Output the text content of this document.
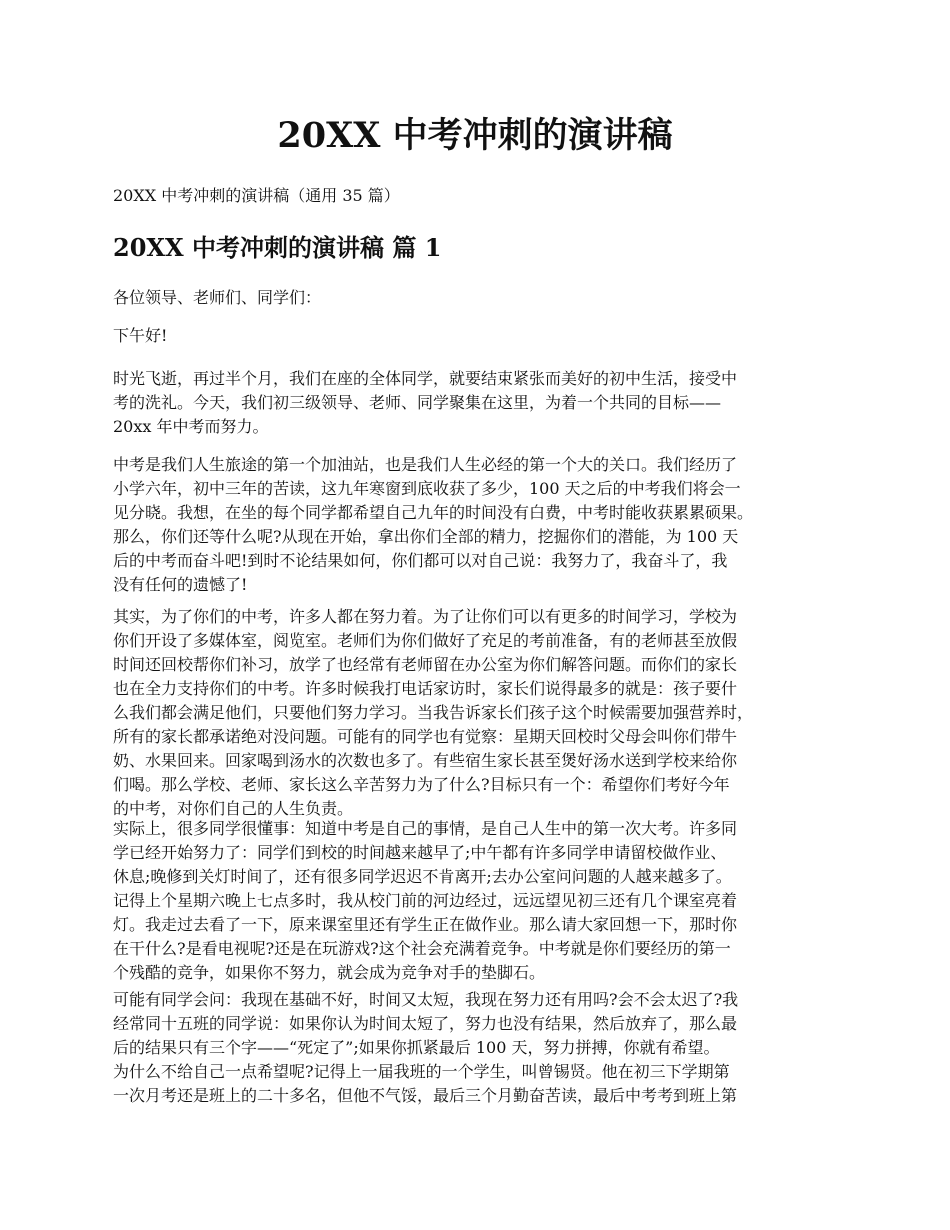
20XX 中考冲刺的演讲稿

20XX 中考冲刺的演讲稿（通用 35 篇）

20XX 中考冲刺的演讲稿 篇 1

各位领导、老师们、同学们：

下午好!

时光飞逝，再过半个月，我们在座的全体同学，就要结束紧张而美好的初中生活，接受中
考的洗礼。今天，我们初三级领导、老师、同学聚集在这里，为着一个共同的目标——
20xx 年中考而努力。

中考是我们人生旅途的第一个加油站，也是我们人生必经的第一个大的关口。我们经历了
小学六年，初中三年的苦读，这九年寒窗到底收获了多少，100 天之后的中考我们将会一
见分晓。我想，在坐的每个同学都希望自己九年的时间没有白费，中考时能收获累累硕果。
那么，你们还等什么呢?从现在开始，拿出你们全部的精力，挖掘你们的潜能，为 100 天
后的中考而奋斗吧!到时不论结果如何，你们都可以对自己说：我努力了，我奋斗了，我
没有任何的遗憾了!

其实，为了你们的中考，许多人都在努力着。为了让你们可以有更多的时间学习，学校为
你们开设了多媒体室，阅览室。老师们为你们做好了充足的考前准备，有的老师甚至放假
时间还回校帮你们补习，放学了也经常有老师留在办公室为你们解答问题。而你们的家长
也在全力支持你们的中考。许多时候我打电话家访时，家长们说得最多的就是：孩子要什
么我们都会满足他们，只要他们努力学习。当我告诉家长们孩子这个时候需要加强营养时，
所有的家长都承诺绝对没问题。可能有的同学也有觉察：星期天回校时父母会叫你们带牛
奶、水果回来。回家喝到汤水的次数也多了。有些宿生家长甚至煲好汤水送到学校来给你
们喝。那么学校、老师、家长这么辛苦努力为了什么?目标只有一个：希望你们考好今年
的中考，对你们自己的人生负责。

实际上，很多同学很懂事：知道中考是自己的事情，是自己人生中的第一次大考。许多同
学已经开始努力了：同学们到校的时间越来越早了;中午都有许多同学申请留校做作业、
休息;晚修到关灯时间了，还有很多同学迟迟不肯离开;去办公室问问题的人越来越多了。
记得上个星期六晚上七点多时，我从校门前的河边经过，远远望见初三还有几个课室亮着
灯。我走过去看了一下，原来课室里还有学生正在做作业。那么请大家回想一下，那时你
在干什么?是看电视呢?还是在玩游戏?这个社会充满着竞争。中考就是你们要经历的第一
个残酷的竞争，如果你不努力，就会成为竞争对手的垫脚石。

可能有同学会问：我现在基础不好，时间又太短，我现在努力还有用吗?会不会太迟了?我
经常同十五班的同学说：如果你认为时间太短了，努力也没有结果，然后放弃了，那么最
后的结果只有三个字——“死定了”;如果你抓紧最后 100 天，努力拼搏，你就有希望。
为什么不给自己一点希望呢?记得上一届我班的一个学生，叫曾锡贤。他在初三下学期第
一次月考还是班上的二十多名，但他不气馁，最后三个月勤奋苦读，最后中考考到班上第
